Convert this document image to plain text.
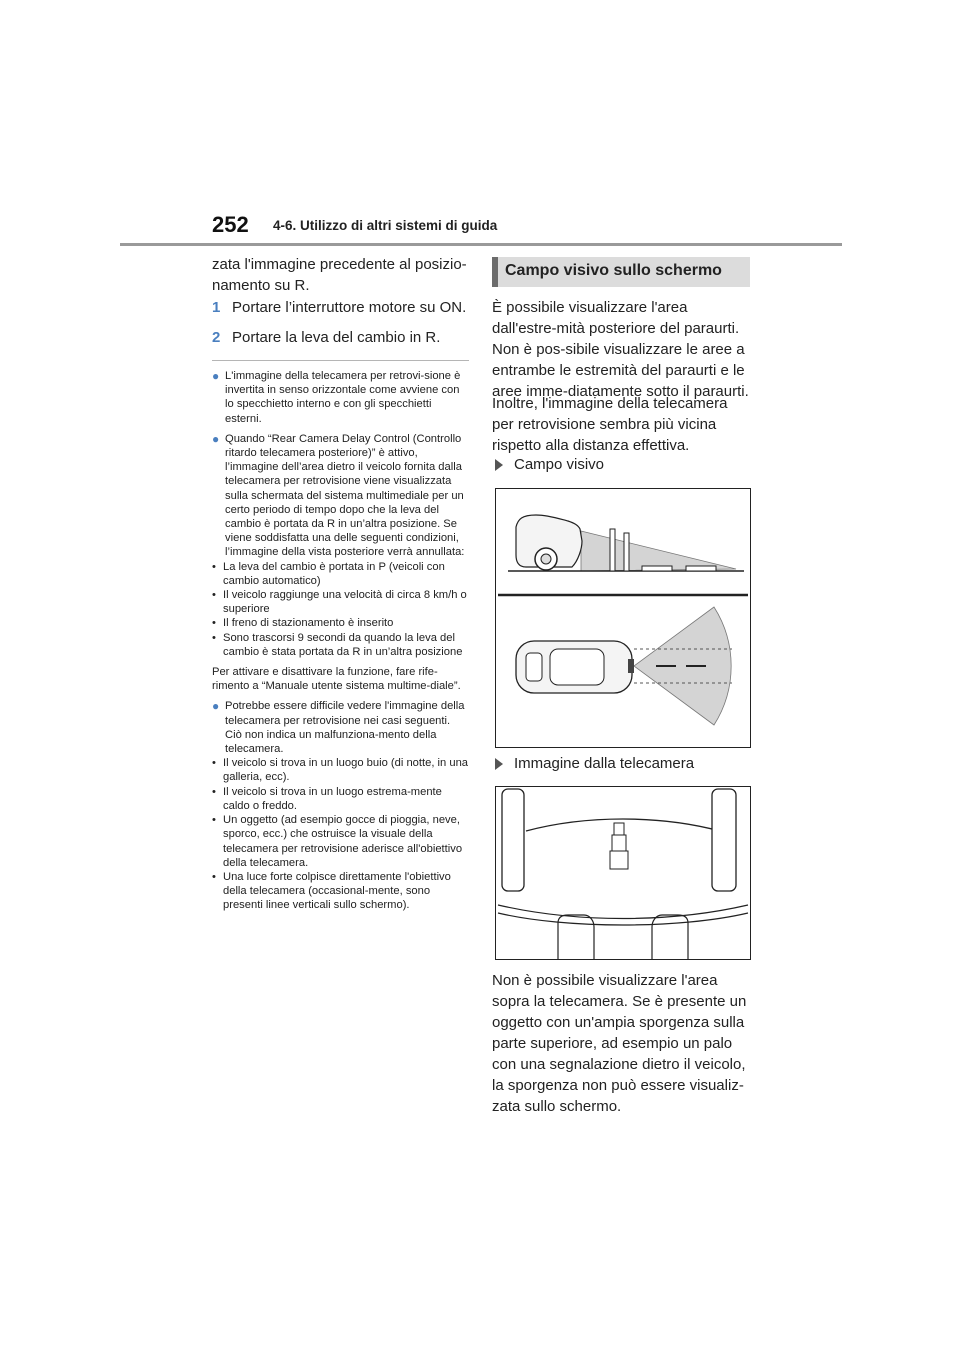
252 4-6. Utilizzo di altri sistemi di guida
zata l'immagine precedente al posizio-
namento su R.
1 Portare l’interruttore motore su ON.
2 Portare la leva del cambio in R.
● L'immagine della telecamera per retrovi-sione è invertita in senso orizzontale come avviene con lo specchietto interno e con gli specchietti esterni.
● Quando “Rear Camera Delay Control (Controllo ritardo telecamera posteriore)” è attivo, l’immagine dell’area dietro il veicolo fornita dalla telecamera per retrovisione viene visualizzata sulla schermata del sistema multimediale per un certo periodo di tempo dopo che la leva del cambio è portata da R in un’altra posizione. Se viene soddisfatta una delle seguenti condizioni, l’immagine della vista posteriore verrà annullata:
• La leva del cambio è portata in P (veicoli con cambio automatico)
• Il veicolo raggiunge una velocità di circa 8 km/h o superiore
• Il freno di stazionamento è inserito
• Sono trascorsi 9 secondi da quando la leva del cambio è stata portata da R in un’altra posizione
Per attivare e disattivare la funzione, fare rife-rimento a “Manuale utente sistema multime-diale”.
● Potrebbe essere difficile vedere l'immagine della telecamera per retrovisione nei casi seguenti. Ciò non indica un malfunziona-mento della telecamera.
• Il veicolo si trova in un luogo buio (di notte, in una galleria, ecc).
• Il veicolo si trova in un luogo estrema-mente caldo o freddo.
• Un oggetto (ad esempio gocce di pioggia, neve, sporco, ecc.) che ostruisce la visuale della telecamera per retrovisione aderisce all'obiettivo della telecamera.
• Una luce forte colpisce direttamente l'obiettivo della telecamera (occasional-mente, sono presenti linee verticali sullo schermo).
Campo visivo sullo schermo
È possibile visualizzare l'area dall'estre-mità posteriore del paraurti. Non è pos-sibile visualizzare le aree a entrambe le estremità del paraurti e le aree imme-diatamente sotto il paraurti.
Inoltre, l'immagine della telecamera per retrovisione sembra più vicina rispetto alla distanza effettiva.
Campo visivo
Immagine dalla telecamera
Non è possibile visualizzare l'area sopra la telecamera. Se è presente un oggetto con un'ampia sporgenza sulla parte superiore, ad esempio un palo con una segnalazione dietro il veicolo, la sporgenza non può essere visualiz-zata sullo schermo.
